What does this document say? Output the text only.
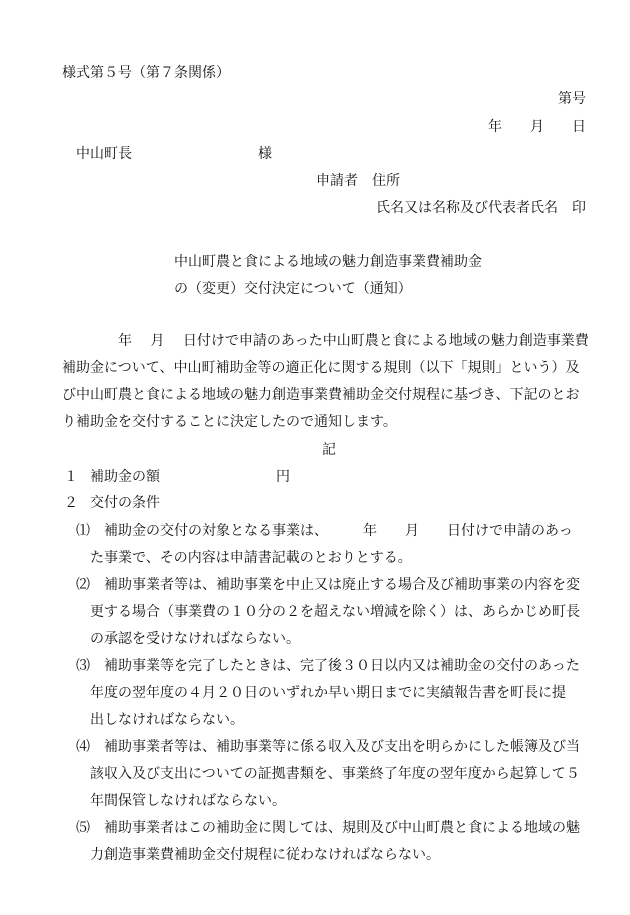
様式第５号（第７条関係）
第号
年　　月　　日
中山町長	様
申請者　住所
氏名又は名称及び代表者氏名　印
中山町農と食による地域の魅力創造事業費補助金
の（変更）交付決定について（通知）
年　 月　 日付けで申請のあった中山町農と食による地域の魅力創造事業費
補助金について、中山町補助金等の適正化に関する規則（以下「規則」という）及
び中山町農と食による地域の魅力創造事業費補助金交付規程に基づき、下記のとお
り補助金を交付することに決定したので通知します。
記
１ 補助金の額	円
２ 交付の条件
⑴ 補助金の交付の対象となる事業は、　　　年　　月　　日付けで申請のあっ
た事業で、その内容は申請書記載のとおりとする。
⑵ 補助事業者等は、補助事業を中止又は廃止する場合及び補助事業の内容を変
更する場合（事業費の１０分の２を超えない増減を除く）は、あらかじめ町長
の承認を受けなければならない。
⑶ 補助事業等を完了したときは、完了後３０日以内又は補助金の交付のあった
年度の翌年度の４月２０日のいずれか早い期日までに実績報告書を町長に提
出しなければならない。
⑷ 補助事業者等は、補助事業等に係る収入及び支出を明らかにした帳簿及び当
該収入及び支出についての証拠書類を、事業終了年度の翌年度から起算して５
年間保管しなければならない。
⑸ 補助事業者はこの補助金に関しては、規則及び中山町農と食による地域の魅
力創造事業費補助金交付規程に従わなければならない。
